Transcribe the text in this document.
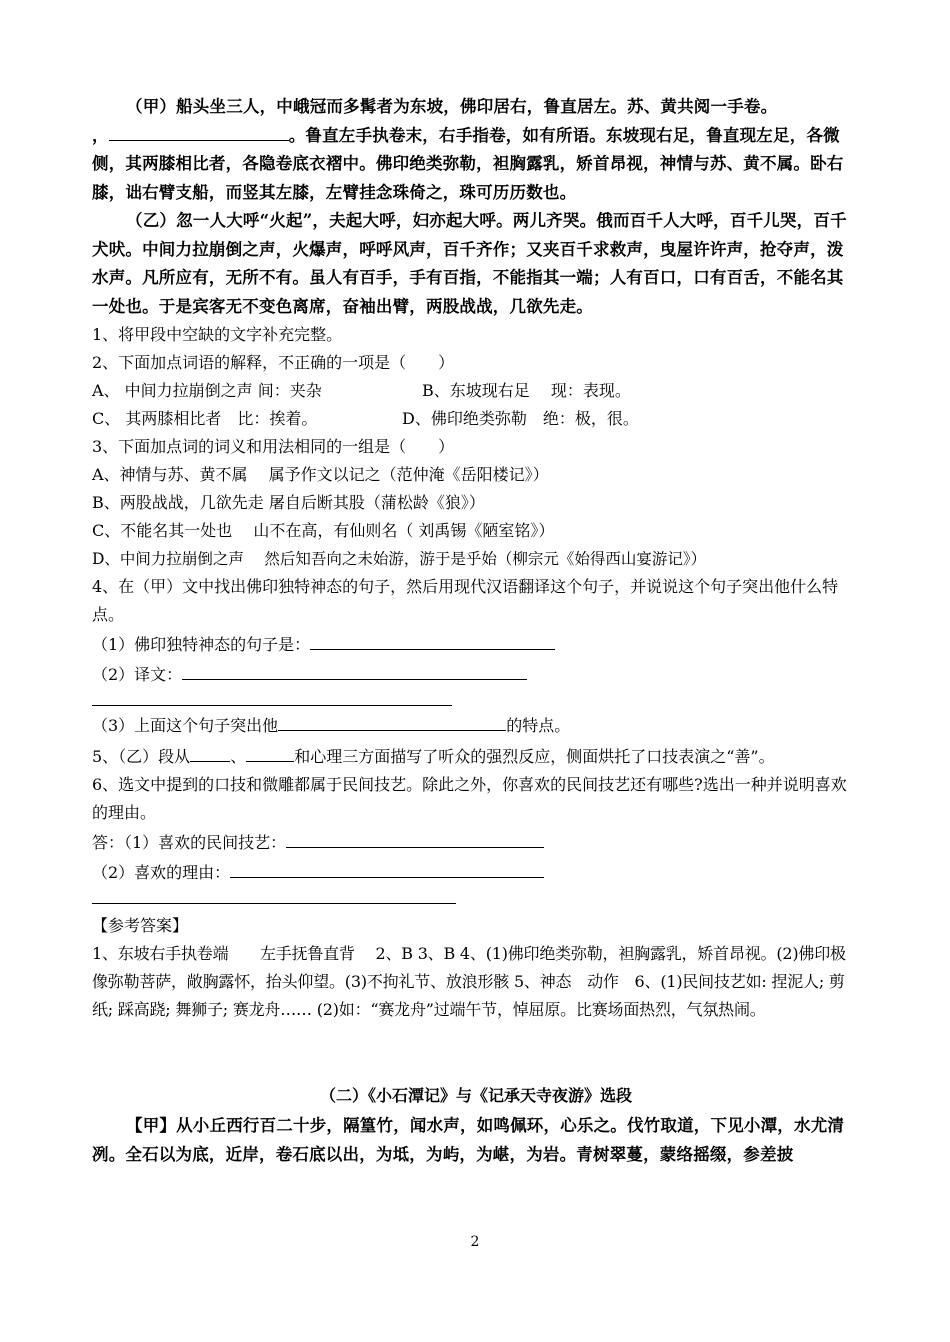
（甲）船头坐三人，中峨冠而多髯者为东坡，佛印居右，鲁直居左。苏、黄共阅一手卷。
，	。鲁直左手执卷末，右手指卷，如有所语。东坡现右足，鲁直现左足，各微侧，其两膝相比者，各隐卷底衣褶中。佛印绝类弥勒，袒胸露乳，矫首昂视，神情与苏、黄不属。卧右膝，诎右臂支船，而竖其左膝，左臂挂念珠倚之，珠可历历数也。

（乙）忽一人大呼“火起”，夫起大呼，妇亦起大呼。两儿齐哭。俄而百千人大呼，百千儿哭，百千犬吠。中间力拉崩倒之声，火爆声，呼呼风声，百千齐作；又夹百千求救声，曳屋许许声，抢夺声，泼水声。凡所应有，无所不有。虽人有百手，手有百指，不能指其一端；人有百口，口有百舌，不能名其一处也。于是宾客无不变色离席，奋袖出臂，两股战战，几欲先走。

1、将甲段中空缺的文字补充完整。

2、下面加点词语的解释，不正确的一项是（　　）

A、 中间力拉崩倒之声 间：夹杂	B、东坡现右足　 现：表现。

C、 其两膝相比者　比：挨着。	D、佛印绝类弥勒　绝：极，很。

3、下面加点词的词义和用法相同的一组是（　　）

A、神情与苏、黄不属　 属予作文以记之（范仲淹《岳阳楼记》）

B、两股战战，几欲先走 屠自后断其股（蒲松龄《狼》）

C、不能名其一处也　 山不在高，有仙则名（ 刘禹锡《陋室铭》）

D、中间力拉崩倒之声　 然后知吾向之未始游，游于是乎始（柳宗元《始得西山宴游记》）

4、在（甲）文中找出佛印独特神态的句子，然后用现代汉语翻译这个句子，并说说这个句子突出他什么特点。

（1）佛印独特神态的句子是：

（2）译文：

（3）上面这个句子突出他	的特点。

5、（乙）段从	、	和心理三方面描写了听众的强烈反应，侧面烘托了口技表演之“善”。

6、选文中提到的口技和微雕都属于民间技艺。除此之外，你喜欢的民间技艺还有哪些?选出一种并说明喜欢的理由。

答：（1）喜欢的民间技艺：

（2）喜欢的理由：

【参考答案】

1、东坡右手执卷端　　左手抚鲁直背　 2、B 3、B 4、(1)佛印绝类弥勒，袒胸露乳，矫首昂视。(2)佛印极像弥勒菩萨，敞胸露怀，抬头仰望。(3)不拘礼节、放浪形骸 5、神态　动作　6、(1)民间技艺如: 捏泥人; 剪纸; 踩高跷; 舞狮子; 赛龙舟…… (2)如：“赛龙舟”过端午节，悼屈原。比赛场面热烈，气氛热闹。

（二）《小石潭记》与《记承天寺夜游》选段

【甲】从小丘西行百二十步，隔篁竹，闻水声，如鸣佩环，心乐之。伐竹取道，下见小潭，水尤清冽。全石以为底，近岸，卷石底以出，为坻，为屿，为嵁，为岩。青树翠蔓，蒙络摇缀，参差披

2
